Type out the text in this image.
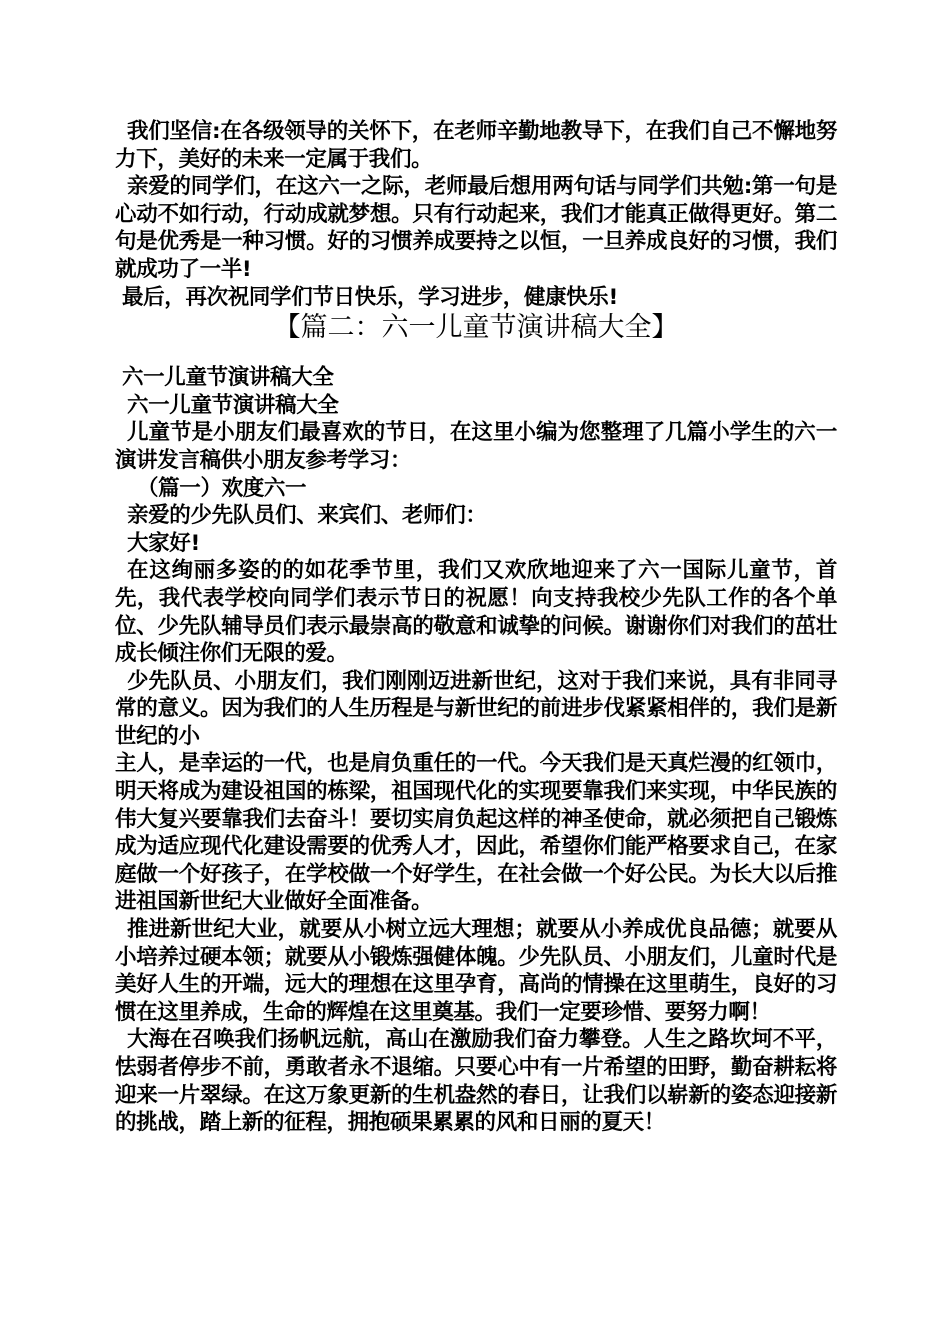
我们坚信:在各级领导的关怀下，在老师辛勤地教导下，在我们自己不懈地努力下，美好的未来一定属于我们。

亲爱的同学们，在这六一之际，老师最后想用两句话与同学们共勉:第一句是心动不如行动，行动成就梦想。只有行动起来，我们才能真正做得更好。第二句是优秀是一种习惯。好的习惯养成要持之以恒，一旦养成良好的习惯，我们就成功了一半!

最后，再次祝同学们节日快乐，学习进步，健康快乐!

【篇二：六一儿童节演讲稿大全】

六一儿童节演讲稿大全

六一儿童节演讲稿大全

儿童节是小朋友们最喜欢的节日，在这里小编为您整理了几篇小学生的六一演讲发言稿供小朋友参考学习：

（篇一）欢度六一

亲爱的少先队员们、来宾们、老师们：

大家好!

在这绚丽多姿的的如花季节里，我们又欢欣地迎来了六一国际儿童节，首先，我代表学校向同学们表示节日的祝愿！向支持我校少先队工作的各个单位、少先队辅导员们表示最崇高的敬意和诚挚的问候。谢谢你们对我们的茁壮成长倾注你们无限的爱。

少先队员、小朋友们，我们刚刚迈进新世纪，这对于我们来说，具有非同寻常的意义。因为我们的人生历程是与新世纪的前进步伐紧紧相伴的，我们是新世纪的小

主人，是幸运的一代，也是肩负重任的一代。今天我们是天真烂漫的红领巾，明天将成为建设祖国的栋梁，祖国现代化的实现要靠我们来实现，中华民族的伟大复兴要靠我们去奋斗！要切实肩负起这样的神圣使命，就必须把自己锻炼成为适应现代化建设需要的优秀人才，因此，希望你们能严格要求自己，在家庭做一个好孩子，在学校做一个好学生，在社会做一个好公民。为长大以后推进祖国新世纪大业做好全面准备。

推进新世纪大业，就要从小树立远大理想；就要从小养成优良品德；就要从小培养过硬本领；就要从小锻炼强健体魄。少先队员、小朋友们，儿童时代是美好人生的开端，远大的理想在这里孕育，高尚的情操在这里萌生，良好的习惯在这里养成，生命的辉煌在这里奠基。我们一定要珍惜、要努力啊！

大海在召唤我们扬帆远航，高山在激励我们奋力攀登。人生之路坎坷不平，怯弱者停步不前，勇敢者永不退缩。只要心中有一片希望的田野，勤奋耕耘将迎来一片翠绿。在这万象更新的生机盎然的春日，让我们以崭新的姿态迎接新的挑战，踏上新的征程，拥抱硕果累累的风和日丽的夏天！
